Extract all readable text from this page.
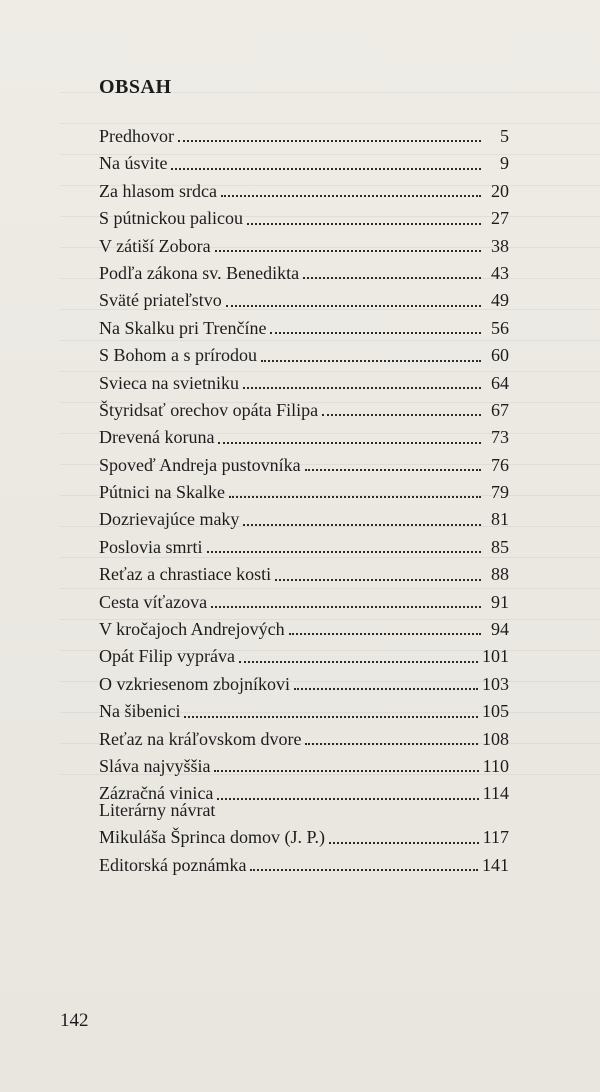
OBSAH
Predhovor	5
Na úsvite	9
Za hlasom srdca	20
S pútnickou palicou	27
V zátiší Zobora	38
Podľa zákona sv. Benedikta	43
Sväté priateľstvo	49
Na Skalku pri Trenčíne	56
S Bohom a s prírodou	60
Svieca na svietniku	64
Štyridsať orechov opáta Filipa	67
Drevená koruna	73
Spoveď Andreja pustovníka	76
Pútnici na Skalke	79
Dozrievajúce maky	81
Poslovia smrti	85
Reťaz a chrastiace kosti	88
Cesta víťazova	91
V kročajoch Andrejových	94
Opát Filip vypráva	101
O vzkriesenom zbojníkovi	103
Na šibenici	105
Reťaz na kráľovskom dvore	108
Sláva najvyššia	110
Zázračná vinica	114
Literárny návrat
Mikuláša Šprinca domov (J. P.)	117
Editorská poznámka	141
142
